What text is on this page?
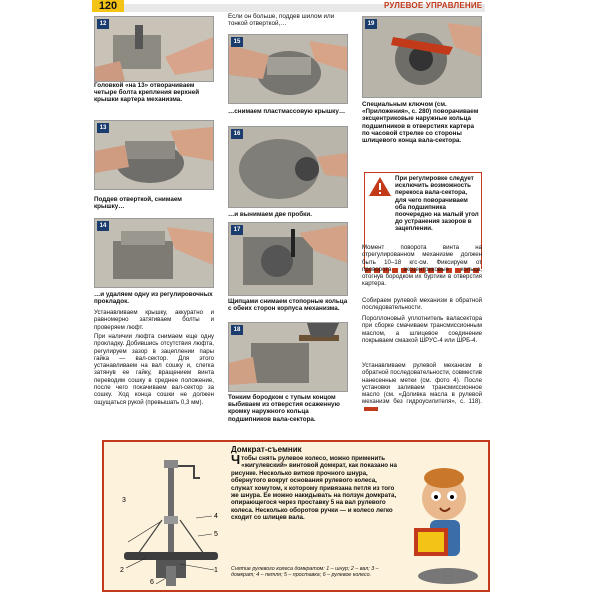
120	РУЛЕВОЕ УПРАВЛЕНИЕ
12
Головкой «на 13» отворачиваем четыре болта крепления верхней крышки картера механизма.
13
Поддев отверткой, снимаем крышку…
14
…и удаляем одну из регулировочных прокладок.
Устанавливаем крышку, аккуратно и равномерно затягиваем болты и проверяем люфт.
При наличии люфта снимаем еще одну прокладку. Добившись отсутствия люфта, регулируем зазор в зацеплении пары гайка — вал-сектор. Для этого устанавливаем на вал сошку и, слегка затянув ее гайку, вращением винта переводим сошку в среднее положение, после чего покачиваем вал-сектор за сошку. Ход конца сошки не должен ощущаться рукой (превышать 0,3 мм).
Если он больше, поддев шилом или тонкой отверткой,…
15
…снимаем пластмассовую крышку…
16
…и вынимаем две пробки.
17
Щипцами снимаем стопорные кольца с обеих сторон корпуса механизма.
18
Тонким бородком с тупым концом выбиваем из отверстия осаженную кромку наружного кольца подшипников вала-сектора.
19
Специальным ключом (см. «Приложения», с. 280) поворачиваем эксцентриковые наружные кольца подшипников в отверстиях картера по часовой стрелке со стороны шлицевого конца вала-сектора.
При регулировке следует исключить возможность перекоса вала-сектора, для чего поворачиваем оба подшипника поочередно на малый угол до устранения зазоров в зацеплении.
Момент поворота винта на отрегулированном механизме должен быть 10–18 кгс·см. Фиксируем от проворота эксцентриковые кольца, отогнув бородком их буртики в отверстия картера.
Собираем рулевой механизм в обратной последовательности.
Пороллоновый уплотнитель валасектора при сборке смачиваем трансмиссионным маслом, а шлицевое соединение покрываем смазкой ШРУС-4 или ШРБ-4.
Устанавливаем рулевой механизм в обратной последовательности, совместив нанесенные метки (см. фото 4). После установки заливаем трансмиссионное масло (см. «Доливка масла в рулевой механизм без гидроусилителя», с. 118).
3
4
5
1
2
6
Домкрат-съемник
Чтобы снять рулевое колесо, можно применить «жигулевский» винтовой домкрат, как показано на рисунке. Несколько витков прочного шнура, обернутого вокруг основания рулевого колеса, служат хомутом, к которому привязана петля из того же шнура. Ее можно накидывать на ползун домкрата, опирающегося через проставку 5 на вал рулевого колеса. Несколько оборотов ручки — и колесо легко сходит со шлицев вала.
Снятие рулевого колеса домкратом: 1 – шнур; 2 – вал; 3 – домкрат; 4 – петля; 5 – проставка; 6 – рулевое колесо.
